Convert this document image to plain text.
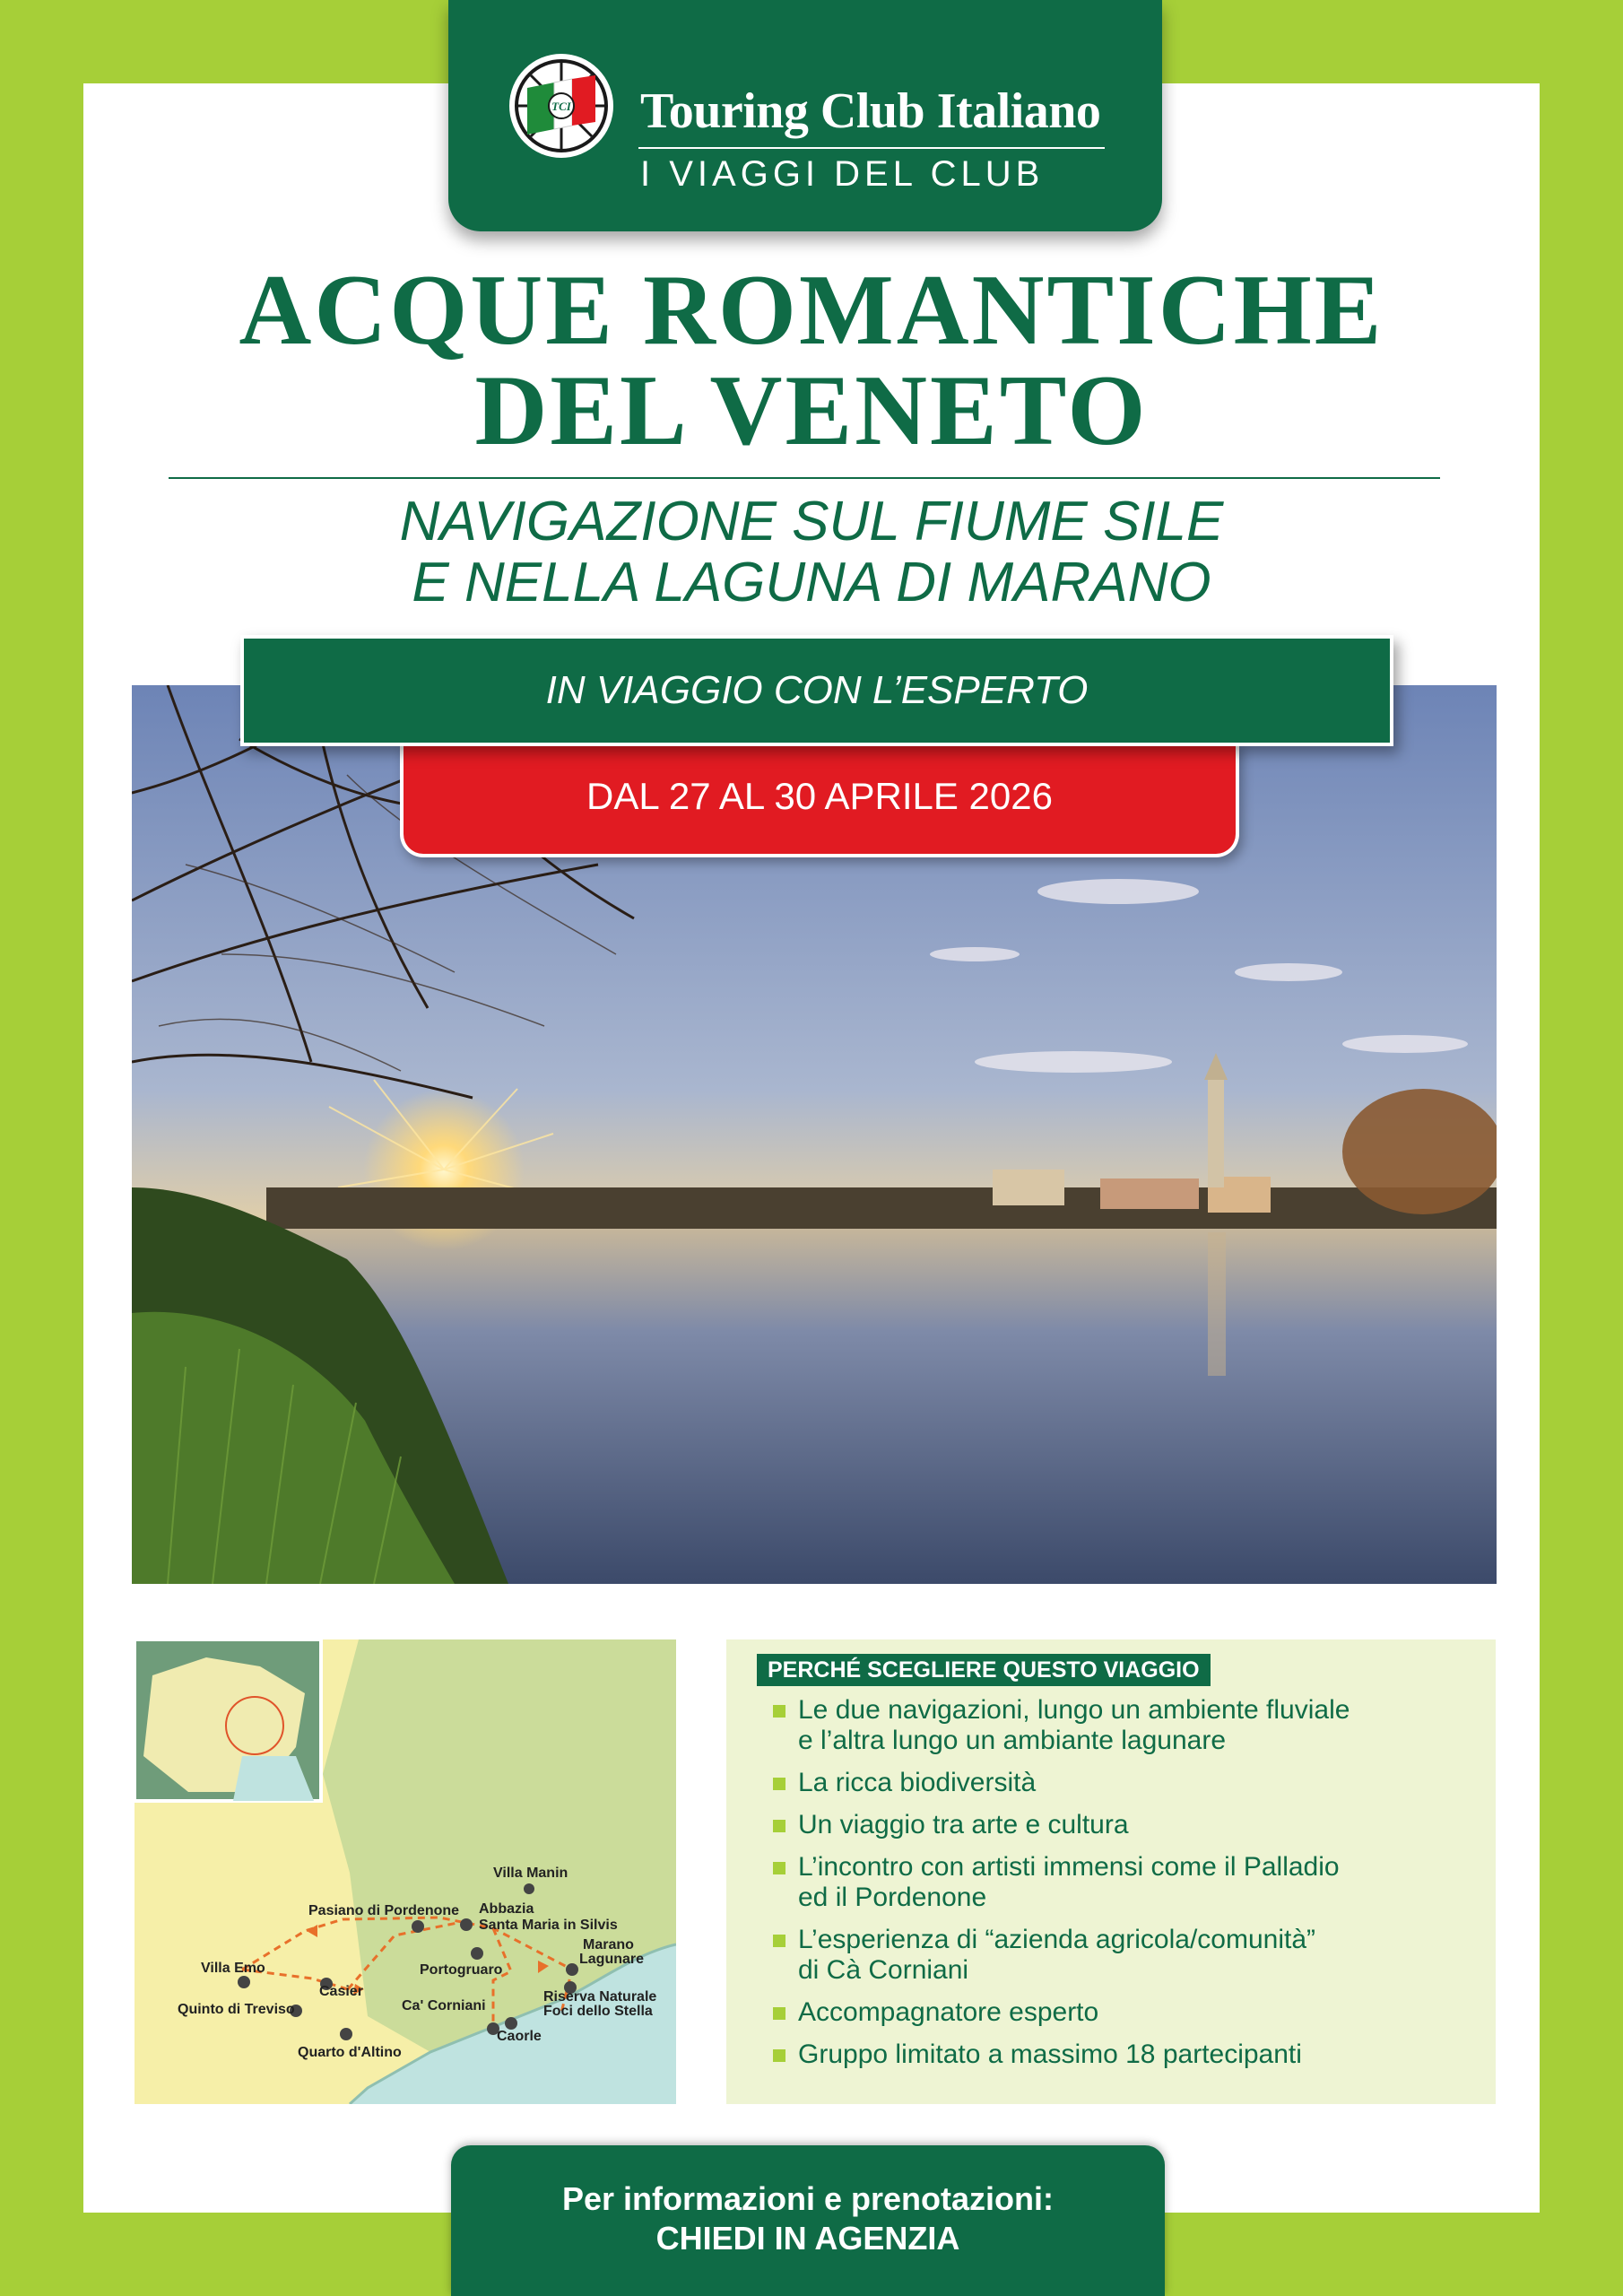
TCI Touring Club Italiano
I VIAGGI DEL CLUB
ACQUE ROMANTICHE
DEL VENETO
NAVIGAZIONE SUL FIUME SILE
E NELLA LAGUNA DI MARANO
DAL 27 AL 30 APRILE 2026
IN VIAGGIO CON L’ESPERTO
Villa Manin
Pasiano di Pordenone Abbazia
Santa Maria in Silvis
Marano
Lagunare
Villa Emo	Portogruaro
Casier	Riserva Naturale
Foci dello Stella
Quinto di Treviso	Ca' Corniani
Caorle
Quarto d'Altino
PERCHÉ SCEGLIERE QUESTO VIAGGIO
Le due navigazioni, lungo un ambiente fluviale
e l’altra lungo un ambiante lagunare
La ricca biodiversità
Un viaggio tra arte e cultura
L’incontro con artisti immensi come il Palladio
ed il Pordenone
L’esperienza di “azienda agricola/comunità”
di Cà Corniani
Accompagnatore esperto
Gruppo limitato a massimo 18 partecipanti
Per informazioni e prenotazioni:
CHIEDI IN AGENZIA
